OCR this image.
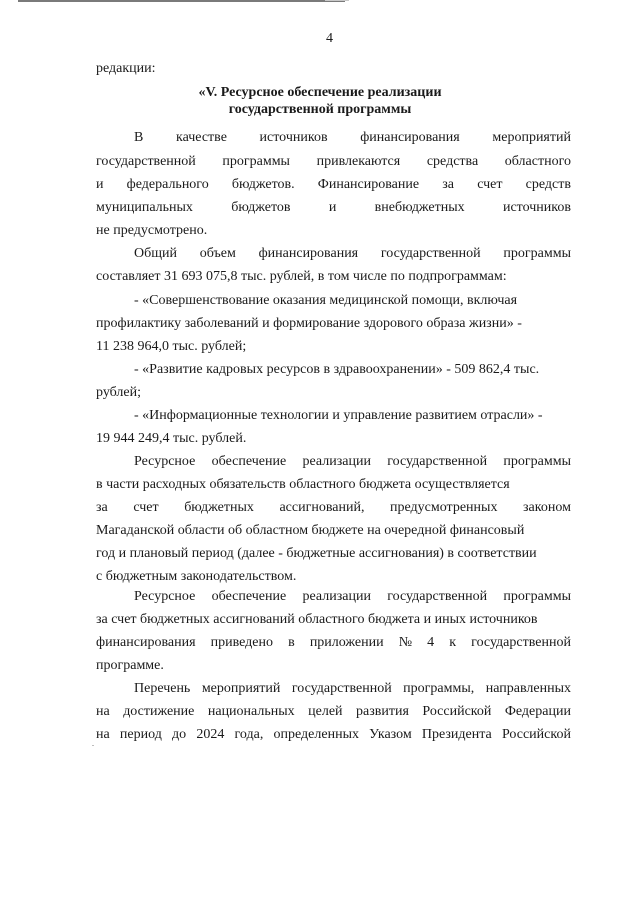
4
редакции:
«V. Ресурсное обеспечение реализации
государственной программы
В качестве источников финансирования мероприятий
государственной программы привлекаются средства областного
и федерального бюджетов. Финансирование за счет средств
муниципальных	бюджетов	и	внебюджетных	источников
не предусмотрено.
Общий объем финансирования государственной программы
составляет 31 693 075,8 тыс. рублей, в том числе по подпрограммам:
- «Совершенствование оказания медицинской помощи, включая
профилактику заболеваний и формирование здорового образа жизни» -
11 238 964,0 тыс. рублей;
- «Развитие кадровых ресурсов в здравоохранении» - 509 862,4 тыс.
рублей;
- «Информационные технологии и управление развитием отрасли» -
19 944 249,4 тыс. рублей.
Ресурсное обеспечение реализации государственной программы
в части расходных обязательств областного бюджета осуществляется
за счет бюджетных ассигнований, предусмотренных законом
Магаданской области об областном бюджете на очередной финансовый
год и плановый период (далее - бюджетные ассигнования) в соответствии
с бюджетным законодательством.
Ресурсное обеспечение реализации государственной программы
за счет бюджетных ассигнований областного бюджета и иных источников
финансирования приведено в приложении № 4 к государственной
программе.
Перечень мероприятий государственной программы, направленных
на достижение национальных целей развития Российской Федерации
на период до 2024 года, определенных Указом Президента Российской
